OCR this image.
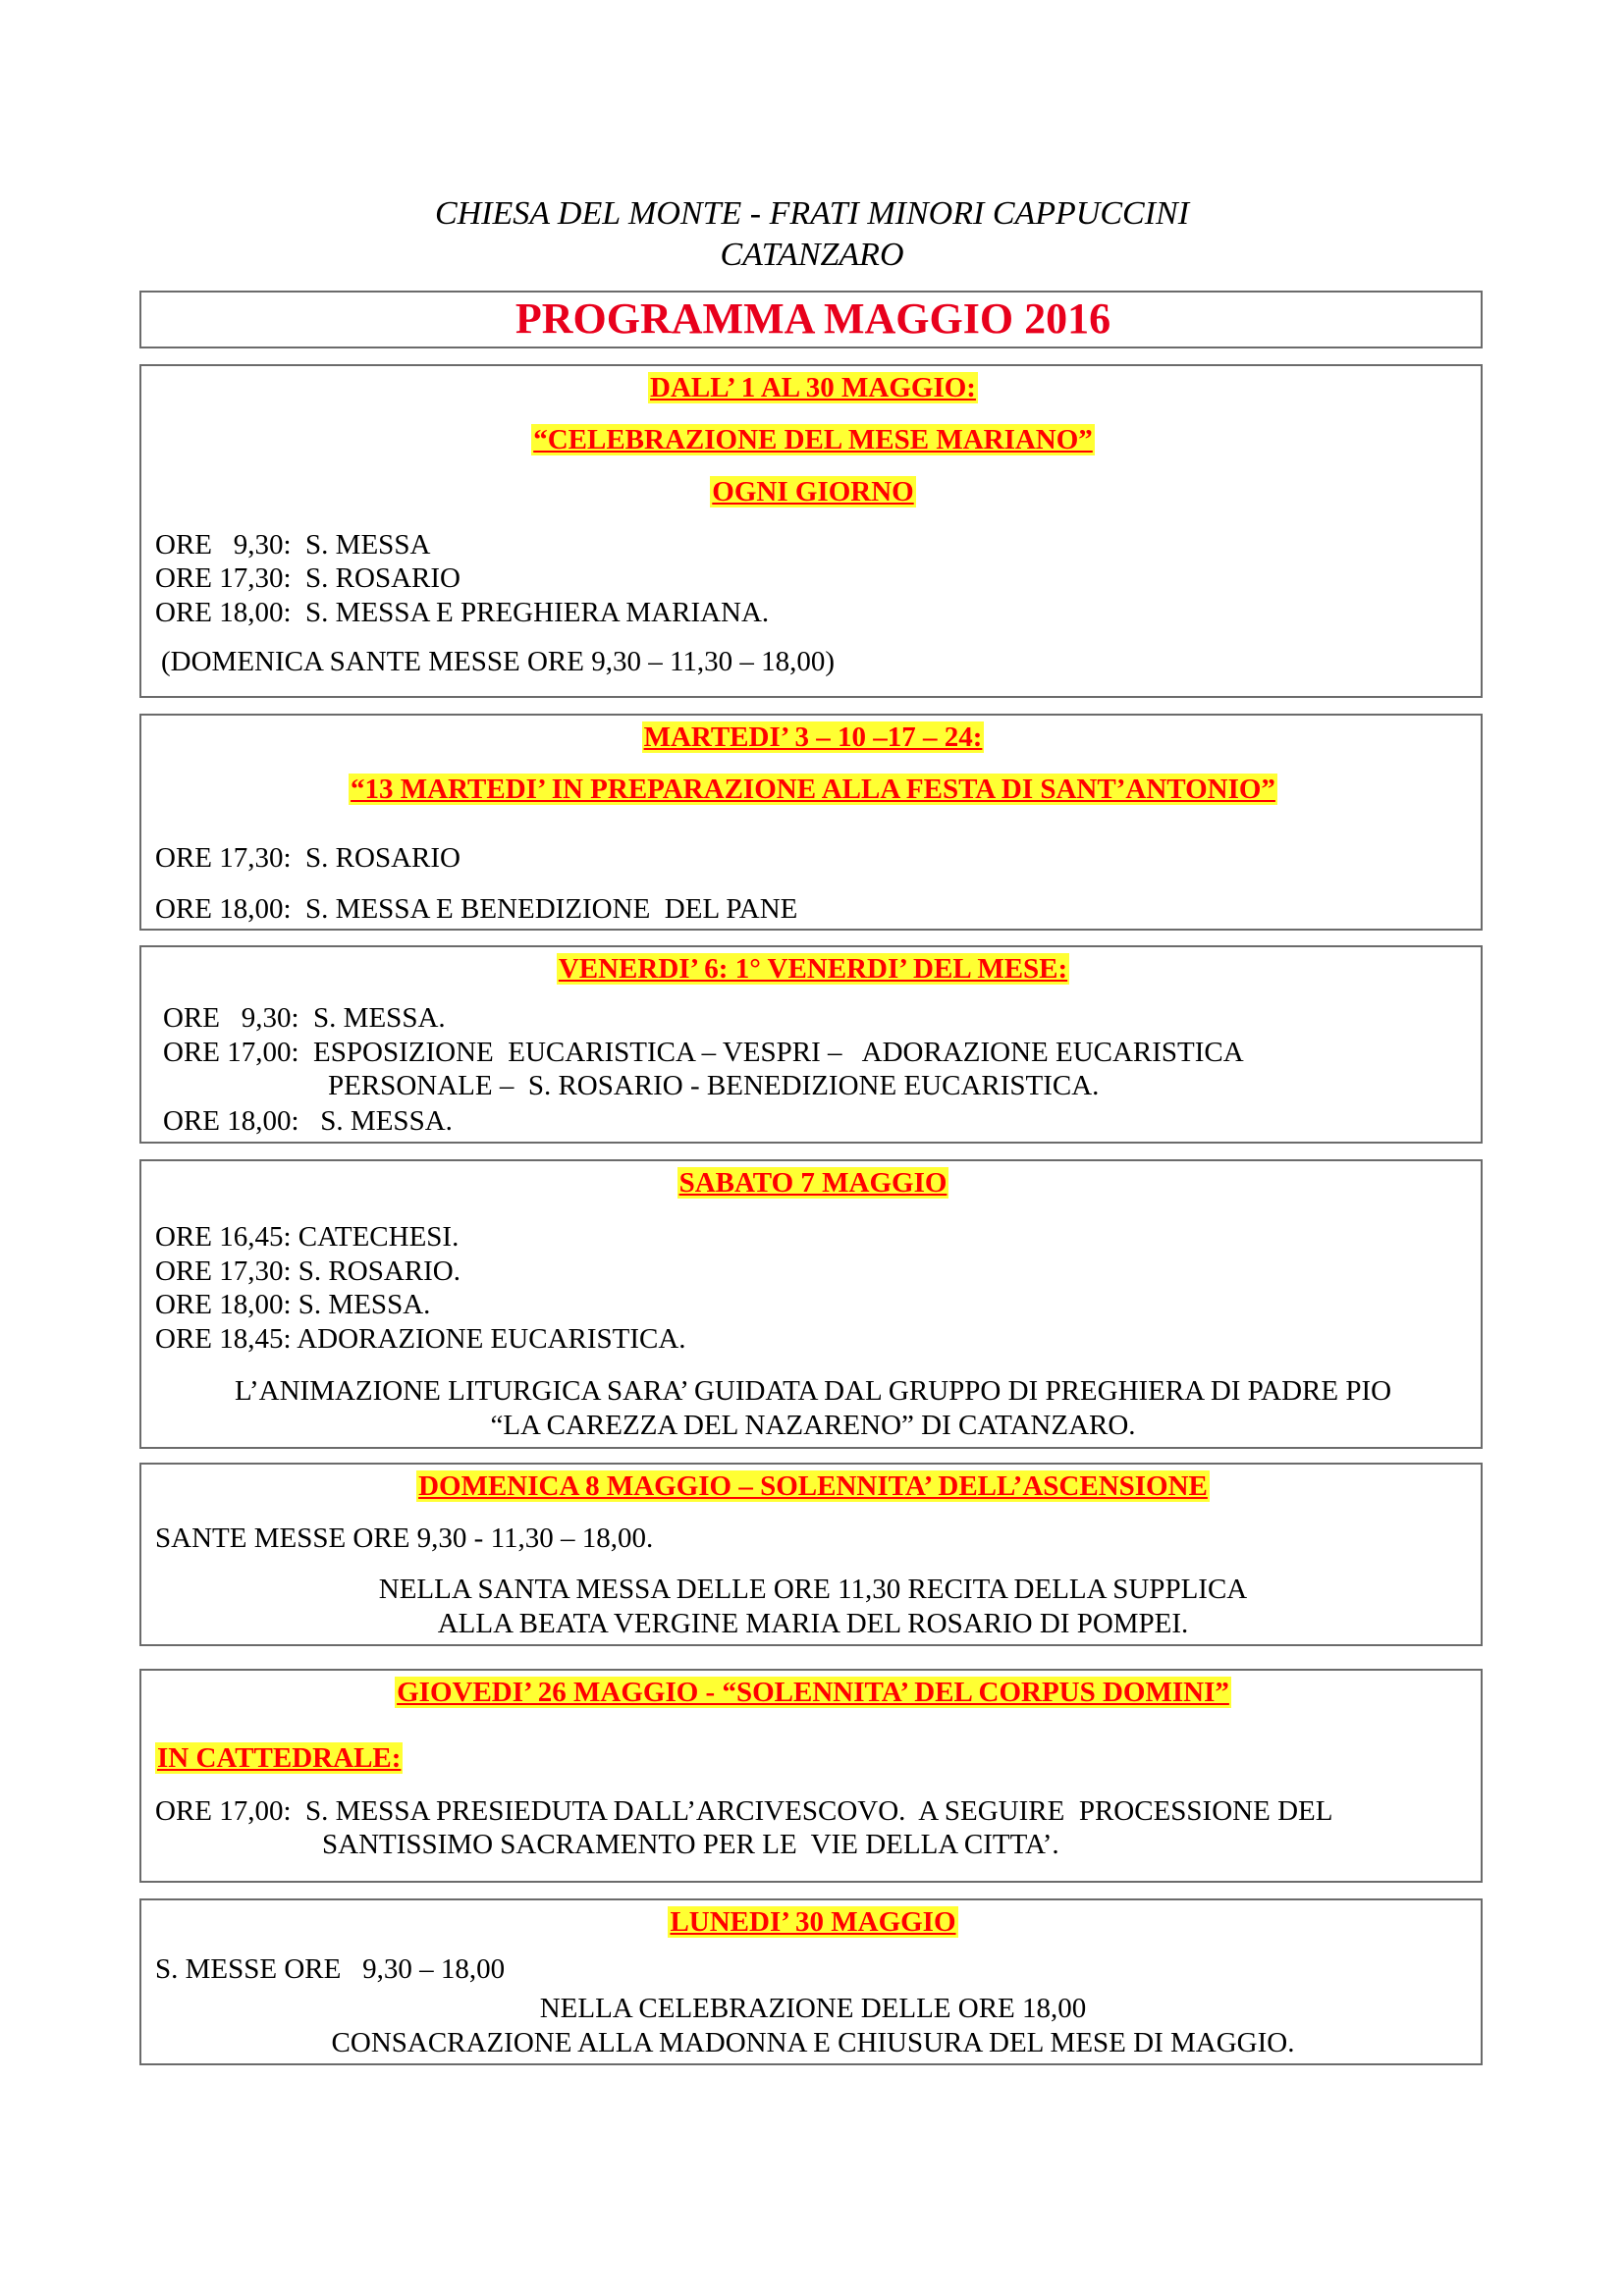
CHIESA DEL MONTE - FRATI MINORI CAPPUCCINI
CATANZARO
PROGRAMMA MAGGIO 2016
DALL’ 1 AL 30 MAGGIO:
“CELEBRAZIONE DEL MESE MARIANO”
OGNI GIORNO
ORE   9,30:  S. MESSA
ORE 17,30:  S. ROSARIO
ORE 18,00:  S. MESSA E PREGHIERA MARIANA.
(DOMENICA SANTE MESSE ORE 9,30 – 11,30 – 18,00)
MARTEDI’ 3 – 10 –17 – 24:
“13 MARTEDI’ IN PREPARAZIONE ALLA FESTA DI SANT’ANTONIO”
ORE 17,30:  S. ROSARIO
ORE 18,00:  S. MESSA E BENEDIZIONE  DEL PANE
VENERDI’ 6: 1° VENERDI’ DEL MESE:
ORE   9,30:  S. MESSA.
ORE 17,00:  ESPOSIZIONE  EUCARISTICA – VESPRI –   ADORAZIONE EUCARISTICA
PERSONALE –  S. ROSARIO - BENEDIZIONE EUCARISTICA.
ORE 18,00:   S. MESSA.
SABATO 7 MAGGIO
ORE 16,45: CATECHESI.
ORE 17,30: S. ROSARIO.
ORE 18,00: S. MESSA.
ORE 18,45: ADORAZIONE EUCARISTICA.
L’ANIMAZIONE LITURGICA SARA’ GUIDATA DAL GRUPPO DI PREGHIERA DI PADRE PIO
“LA CAREZZA DEL NAZARENO” DI CATANZARO.
DOMENICA 8 MAGGIO – SOLENNITA’ DELL’ASCENSIONE
SANTE MESSE ORE 9,30 - 11,30 – 18,00.
NELLA SANTA MESSA DELLE ORE 11,30 RECITA DELLA SUPPLICA
ALLA BEATA VERGINE MARIA DEL ROSARIO DI POMPEI.
GIOVEDI’ 26 MAGGIO - “SOLENNITA’ DEL CORPUS DOMINI”
IN CATTEDRALE:
ORE 17,00:  S. MESSA PRESIEDUTA DALL’ARCIVESCOVO.  A SEGUIRE  PROCESSIONE DEL
SANTISSIMO SACRAMENTO PER LE  VIE DELLA CITTA’.
LUNEDI’ 30 MAGGIO
S. MESSE ORE   9,30 – 18,00
NELLA CELEBRAZIONE DELLE ORE 18,00
CONSACRAZIONE ALLA MADONNA E CHIUSURA DEL MESE DI MAGGIO.
